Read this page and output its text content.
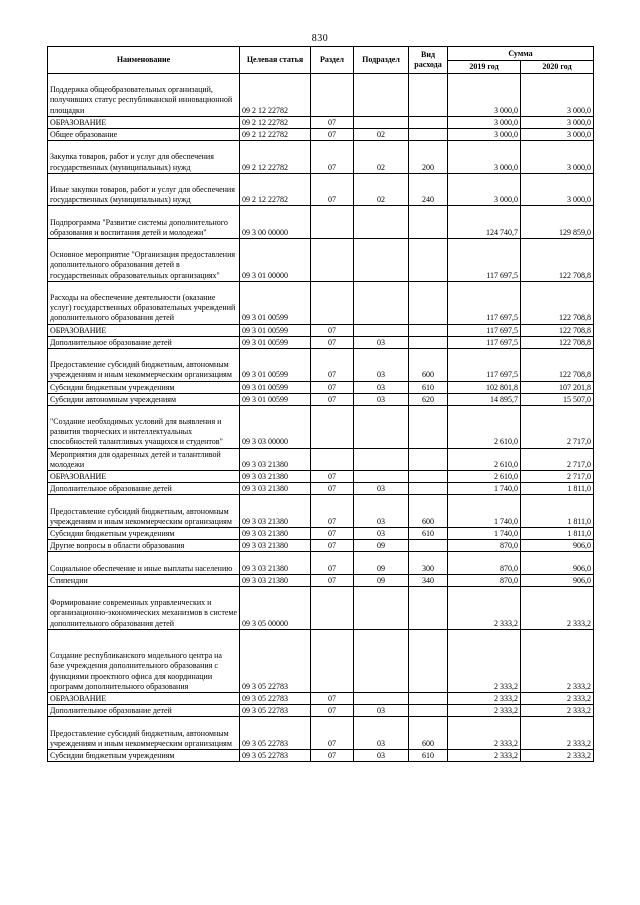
830
Наименование	Целевая статья	Раздел	Подраздел	Вид расхода	Сумма	
					2019 год	2020 год
Поддержка общеобразовательных организаций, получивших статус республиканской инновационной площадки	09 2 12 22782				3 000,0	3 000,0
ОБРАЗОВАНИЕ	09 2 12 22782	07			3 000,0	3 000,0
Общее образование	09 2 12 22782	07	02		3 000,0	3 000,0
Закупка товаров, работ и услуг для обеспечения государственных (муниципальных) нужд	09 2 12 22782	07	02	200	3 000,0	3 000,0
Иные закупки товаров, работ и услуг для обеспечения государственных (муниципальных) нужд	09 2 12 22782	07	02	240	3 000,0	3 000,0
Подпрограмма "Развитие системы дополнительного образования и воспитания детей и молодежи"	09 3 00 00000				124 740,7	129 859,0
Основное мероприятие "Организация предоставления дополнительного образования детей в государственных образовательных организациях"	09 3 01 00000				117 697,5	122 708,8
Расходы на обеспечение деятельности (оказание услуг) государственных образовательных учреждений дополнительного образования детей	09 3 01 00599				117 697,5	122 708,8
ОБРАЗОВАНИЕ	09 3 01 00599	07			117 697,5	122 708,8
Дополнительное образование детей	09 3 01 00599	07	03		117 697,5	122 708,8
Предоставление субсидий бюджетным, автономным учреждениям и иным некоммерческим организациям	09 3 01 00599	07	03	600	117 697,5	122 708,8
Субсидии бюджетным учреждениям	09 3 01 00599	07	03	610	102 801,8	107 201,8
Субсидии автономным учреждениям	09 3 01 00599	07	03	620	14 895,7	15 507,0
"Создание необходимых условий для выявления и развития творческих и интеллектуальных способностей талантливых учащихся и студентов"	09 3 03 00000				2 610,0	2 717,0
Мероприятия для одаренных детей и талантливой молодежи	09 3 03 21380				2 610,0	2 717,0
ОБРАЗОВАНИЕ	09 3 03 21380	07			2 610,0	2 717,0
Дополнительное образование детей	09 3 03 21380	07	03		1 740,0	1 811,0
Предоставление субсидий бюджетным, автономным учреждениям и иным некоммерческим организациям	09 3 03 21380	07	03	600	1 740,0	1 811,0
Субсидии бюджетным учреждениям	09 3 03 21380	07	03	610	1 740,0	1 811,0
Другие вопросы в области образования	09 3 03 21380	07	09		870,0	906,0
Социальное обеспечение и иные выплаты населению	09 3 03 21380	07	09	300	870,0	906,0
Стипендии	09 3 03 21380	07	09	340	870,0	906,0
Формирование современных управленческих и организационно-экономических механизмов в системе дополнительного образования детей	09 3 05 00000				2 333,2	2 333,2
Создание республиканского модельного центра на базе учреждения дополнительного образования с функциями проектного офиса для координации программ дополнительного образования	09 3 05 22783				2 333,2	2 333,2
ОБРАЗОВАНИЕ	09 3 05 22783	07			2 333,2	2 333,2
Дополнительное образование детей	09 3 05 22783	07	03		2 333,2	2 333,2
Предоставление субсидий бюджетным, автономным учреждениям и иным некоммерческим организациям	09 3 05 22783	07	03	600	2 333,2	2 333,2
Субсидии бюджетным учреждениям	09 3 05 22783	07	03	610	2 333,2	2 333,2
